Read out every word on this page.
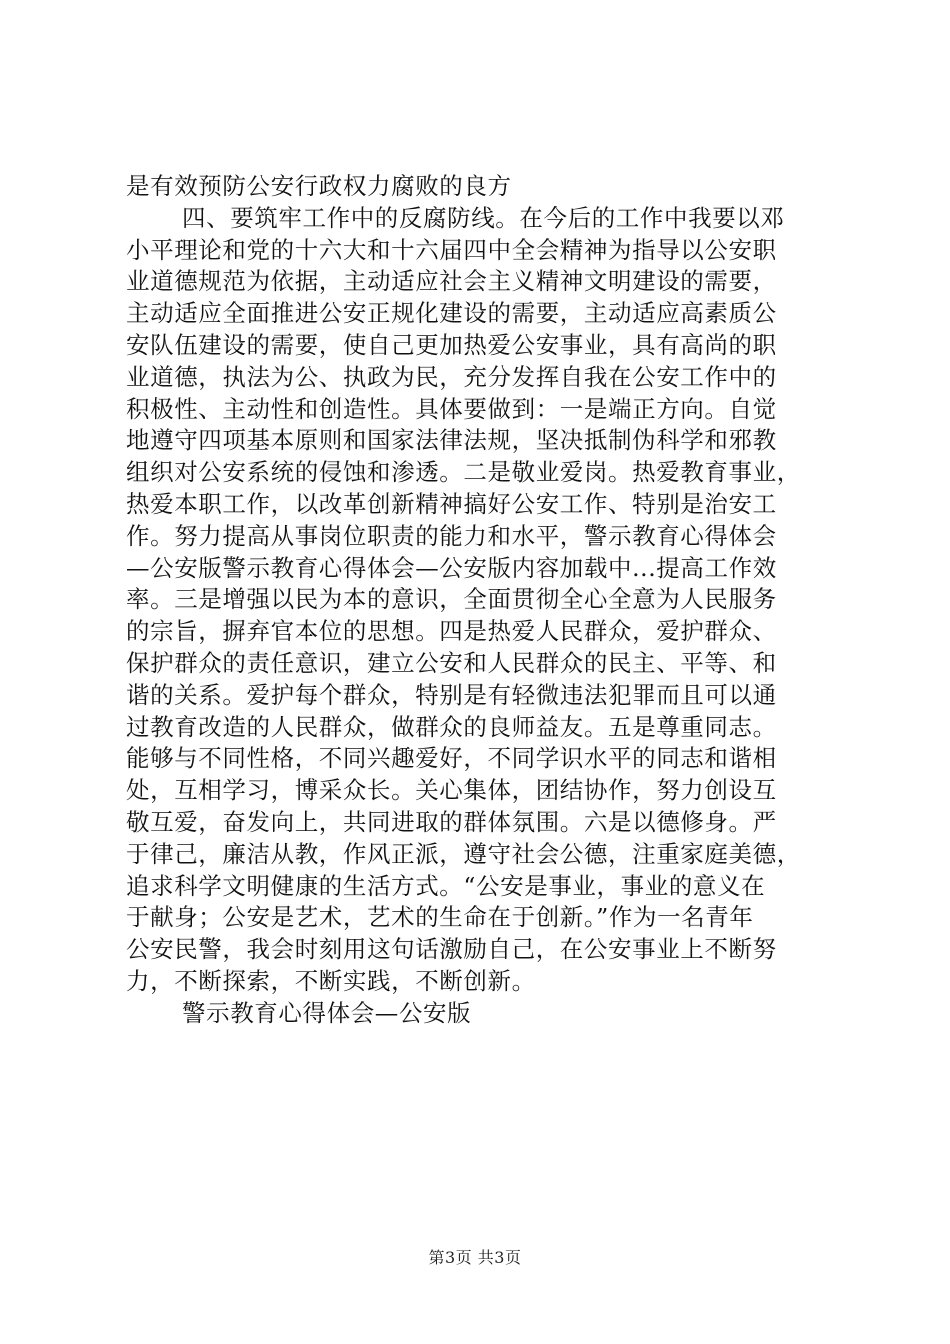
是有效预防公安行政权力腐败的良方
四、要筑牢工作中的反腐防线。在今后的工作中我要以邓
小平理论和党的十六大和十六届四中全会精神为指导以公安职
业道德规范为依据，主动适应社会主义精神文明建设的需要，
主动适应全面推进公安正规化建设的需要，主动适应高素质公
安队伍建设的需要，使自己更加热爱公安事业，具有高尚的职
业道德，执法为公、执政为民，充分发挥自我在公安工作中的
积极性、主动性和创造性。具体要做到：一是端正方向。自觉
地遵守四项基本原则和国家法律法规，坚决抵制伪科学和邪教
组织对公安系统的侵蚀和渗透。二是敬业爱岗。热爱教育事业，
热爱本职工作，以改革创新精神搞好公安工作、特别是治安工
作。努力提高从事岗位职责的能力和水平，警示教育心得体会
—公安版警示教育心得体会—公安版内容加载中...提高工作效
率。三是增强以民为本的意识，全面贯彻全心全意为人民服务
的宗旨，摒弃官本位的思想。四是热爱人民群众，爱护群众、
保护群众的责任意识，建立公安和人民群众的民主、平等、和
谐的关系。爱护每个群众，特别是有轻微违法犯罪而且可以通
过教育改造的人民群众，做群众的良师益友。五是尊重同志。
能够与不同性格，不同兴趣爱好，不同学识水平的同志和谐相
处，互相学习，博采众长。关心集体，团结协作，努力创设互
敬互爱，奋发向上，共同进取的群体氛围。六是以德修身。严
于律己，廉洁从教，作风正派，遵守社会公德，注重家庭美德，
追求科学文明健康的生活方式。“公安是事业，事业的意义在
于献身；公安是艺术，艺术的生命在于创新。”作为一名青年
公安民警，我会时刻用这句话激励自己，在公安事业上不断努
力，不断探索，不断实践，不断创新。
警示教育心得体会—公安版
第3页 共3页
